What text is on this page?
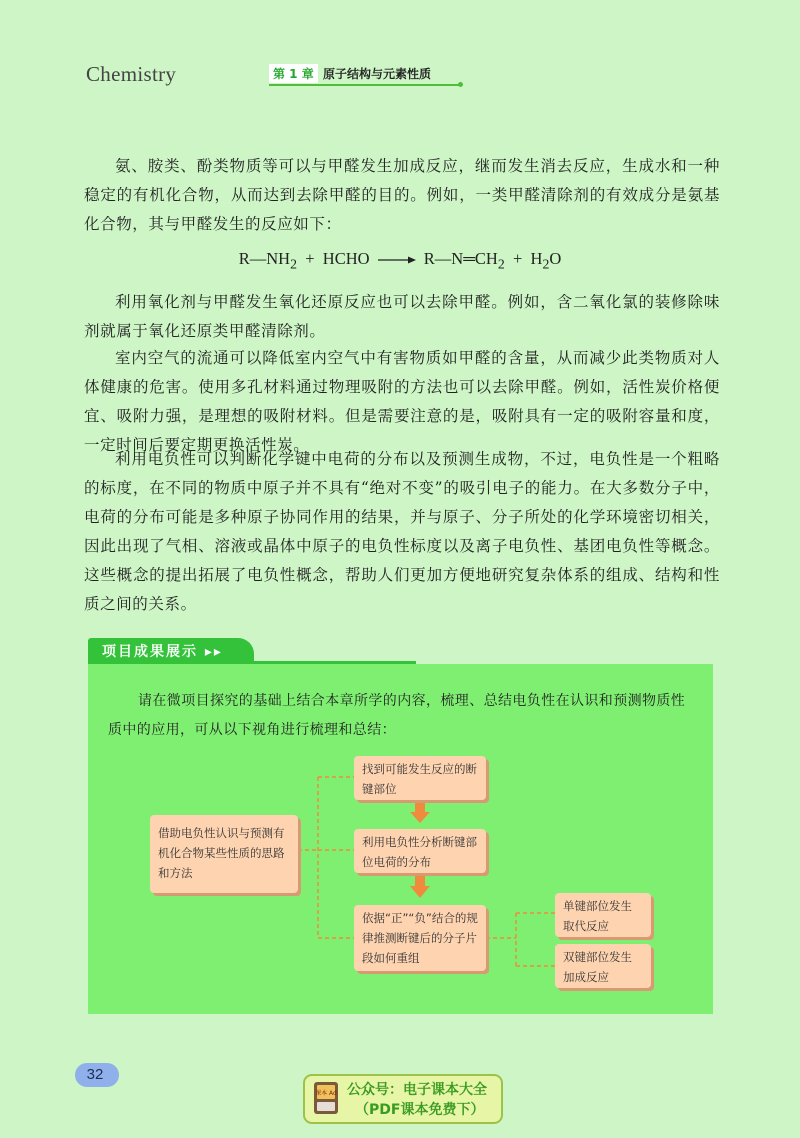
Chemistry	第 1 章 原子结构与元素性质

氨、胺类、酚类物质等可以与甲醛发生加成反应，继而发生消去反应，生成水和一种稳定的有机化合物，从而达到去除甲醛的目的。例如，一类甲醛清除剂的有效成分是氨基化合物，其与甲醛发生的反应如下：

$R—NH_2$ + HCHO → $R—N═CH_2 + H_2O$

利用氧化剂与甲醛发生氧化还原反应也可以去除甲醛。例如，含二氧化氯的装修除味剂就属于氧化还原类甲醛清除剂。

室内空气的流通可以降低室内空气中有害物质如甲醛的含量，从而减少此类物质对人体健康的危害。使用多孔材料通过物理吸附的方法也可以去除甲醛。例如，活性炭价格便宜、吸附力强，是理想的吸附材料。但是需要注意的是，吸附具有一定的吸附容量和度，一定时间后要定期更换活性炭。

利用电负性可以判断化学键中电荷的分布以及预测生成物，不过，电负性是一个粗略的标度，在不同的物质中原子并不具有“绝对不变”的吸引电子的能力。在大多数分子中，电荷的分布可能是多种原子协同作用的结果，并与原子、分子所处的化学环境密切相关，因此出现了气相、溶液或晶体中原子的电负性标度以及离子电负性、基团电负性等概念。这些概念的提出拓展了电负性概念，帮助人们更加方便地研究复杂体系的组成、结构和性质之间的关系。

项目成果展示 ▸▸

请在微项目探究的基础上结合本章所学的内容，梳理、总结电负性在认识和预测物质性质中的应用，可从以下视角进行梳理和总结：

借助电负性认识与预测有机化合物某些性质的思路和方法
找到可能发生反应的断键部位
利用电负性分析断键部位电荷的分布
依据“正”“负”结合的规律推测断键后的分子片段如何重组
单键部位发生取代反应
双键部位发生加成反应
32
课本 Ad 公众号：电子课本大全
（PDF课本免费下）
